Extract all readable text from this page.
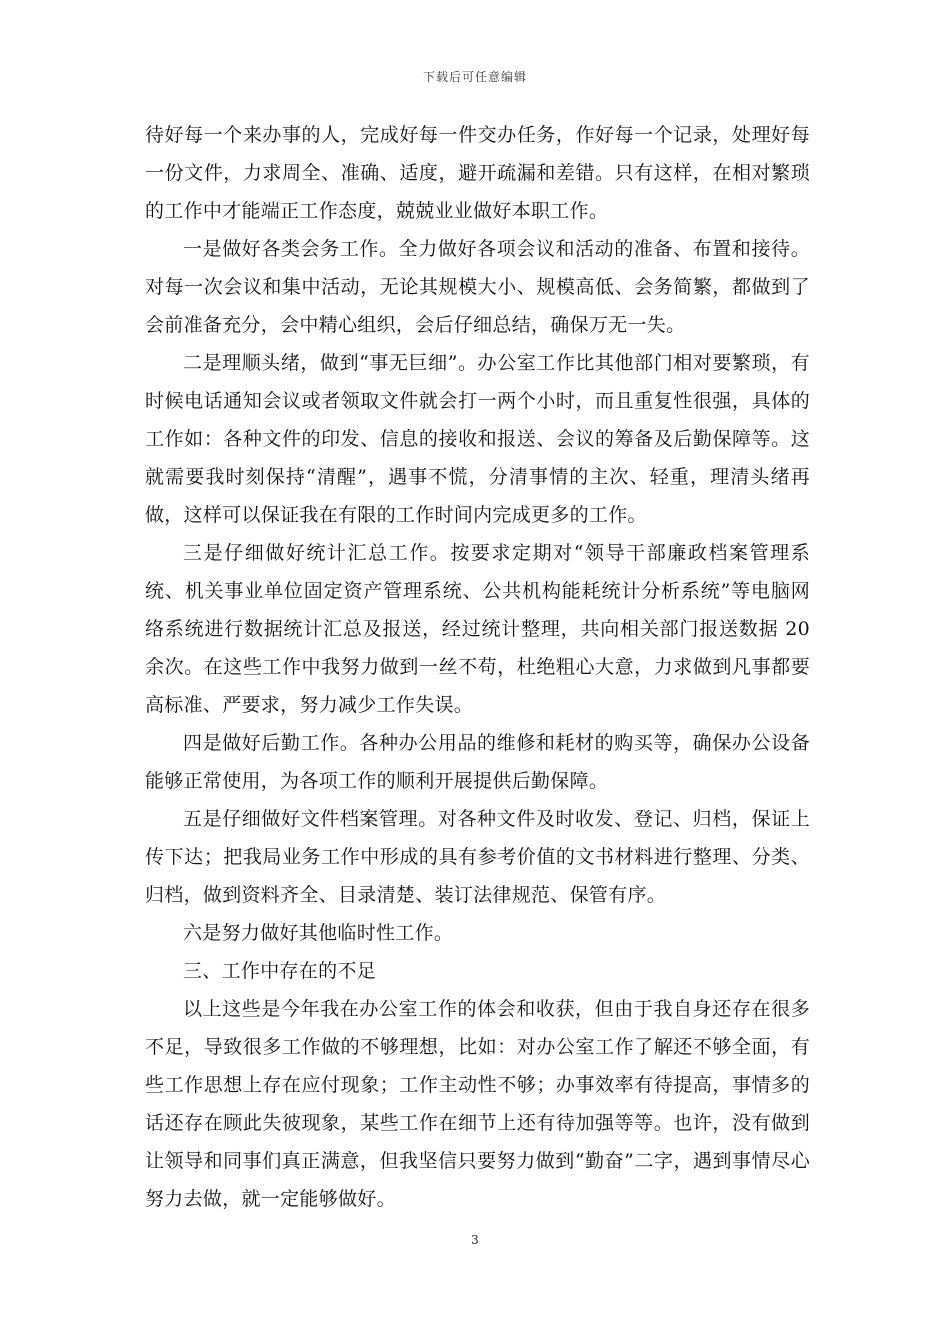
下载后可任意编辑

待好每一个来办事的人，完成好每一件交办任务，作好每一个记录，处理好每一份文件，力求周全、准确、适度，避开疏漏和差错。只有这样，在相对繁琐的工作中才能端正工作态度，兢兢业业做好本职工作。

一是做好各类会务工作。全力做好各项会议和活动的准备、布置和接待。对每一次会议和集中活动，无论其规模大小、规模高低、会务简繁，都做到了会前准备充分，会中精心组织，会后仔细总结，确保万无一失。

二是理顺头绪，做到“事无巨细”。办公室工作比其他部门相对要繁琐，有时候电话通知会议或者领取文件就会打一两个小时，而且重复性很强，具体的工作如：各种文件的印发、信息的接收和报送、会议的筹备及后勤保障等。这就需要我时刻保持“清醒”，遇事不慌，分清事情的主次、轻重，理清头绪再做，这样可以保证我在有限的工作时间内完成更多的工作。

三是仔细做好统计汇总工作。按要求定期对“领导干部廉政档案管理系统、机关事业单位固定资产管理系统、公共机构能耗统计分析系统”等电脑网络系统进行数据统计汇总及报送，经过统计整理，共向相关部门报送数据 20 余次。在这些工作中我努力做到一丝不苟，杜绝粗心大意，力求做到凡事都要高标准、严要求，努力减少工作失误。

四是做好后勤工作。各种办公用品的维修和耗材的购买等，确保办公设备能够正常使用，为各项工作的顺利开展提供后勤保障。

五是仔细做好文件档案管理。对各种文件及时收发、登记、归档，保证上传下达；把我局业务工作中形成的具有参考价值的文书材料进行整理、分类、归档，做到资料齐全、目录清楚、装订法律规范、保管有序。

六是努力做好其他临时性工作。

三、工作中存在的不足

以上这些是今年我在办公室工作的体会和收获，但由于我自身还存在很多不足，导致很多工作做的不够理想，比如：对办公室工作了解还不够全面，有些工作思想上存在应付现象；工作主动性不够；办事效率有待提高，事情多的话还存在顾此失彼现象，某些工作在细节上还有待加强等等。也许，没有做到让领导和同事们真正满意，但我坚信只要努力做到“勤奋”二字，遇到事情尽心努力去做，就一定能够做好。

3
